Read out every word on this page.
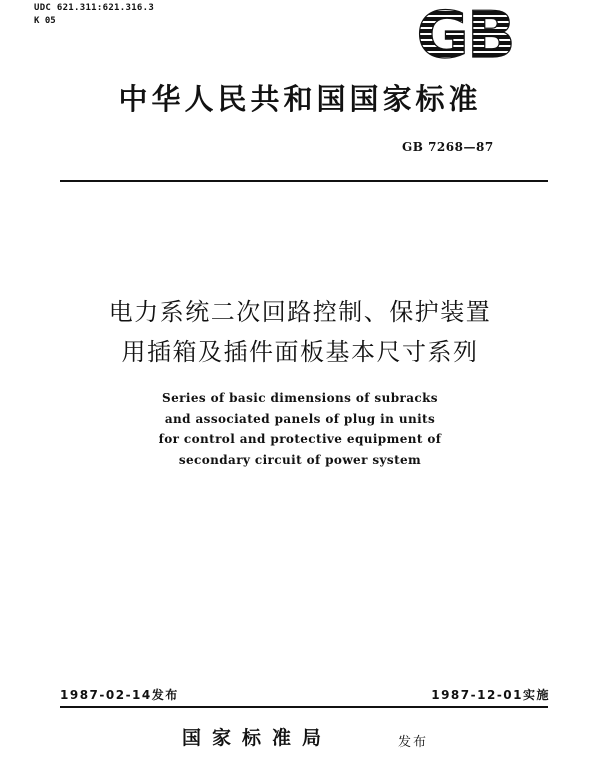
UDC 621.311:621.316.3
K 05	GB
中华人民共和国国家标准
GB 7268—87
电力系统二次回路控制、保护装置
用插箱及插件面板基本尺寸系列
Series of basic dimensions of subracks
and associated panels of plug in units
for control and protective equipment of
secondary circuit of power system
1987-02-14发布	1987-12-01实施
国家标准局	发布
